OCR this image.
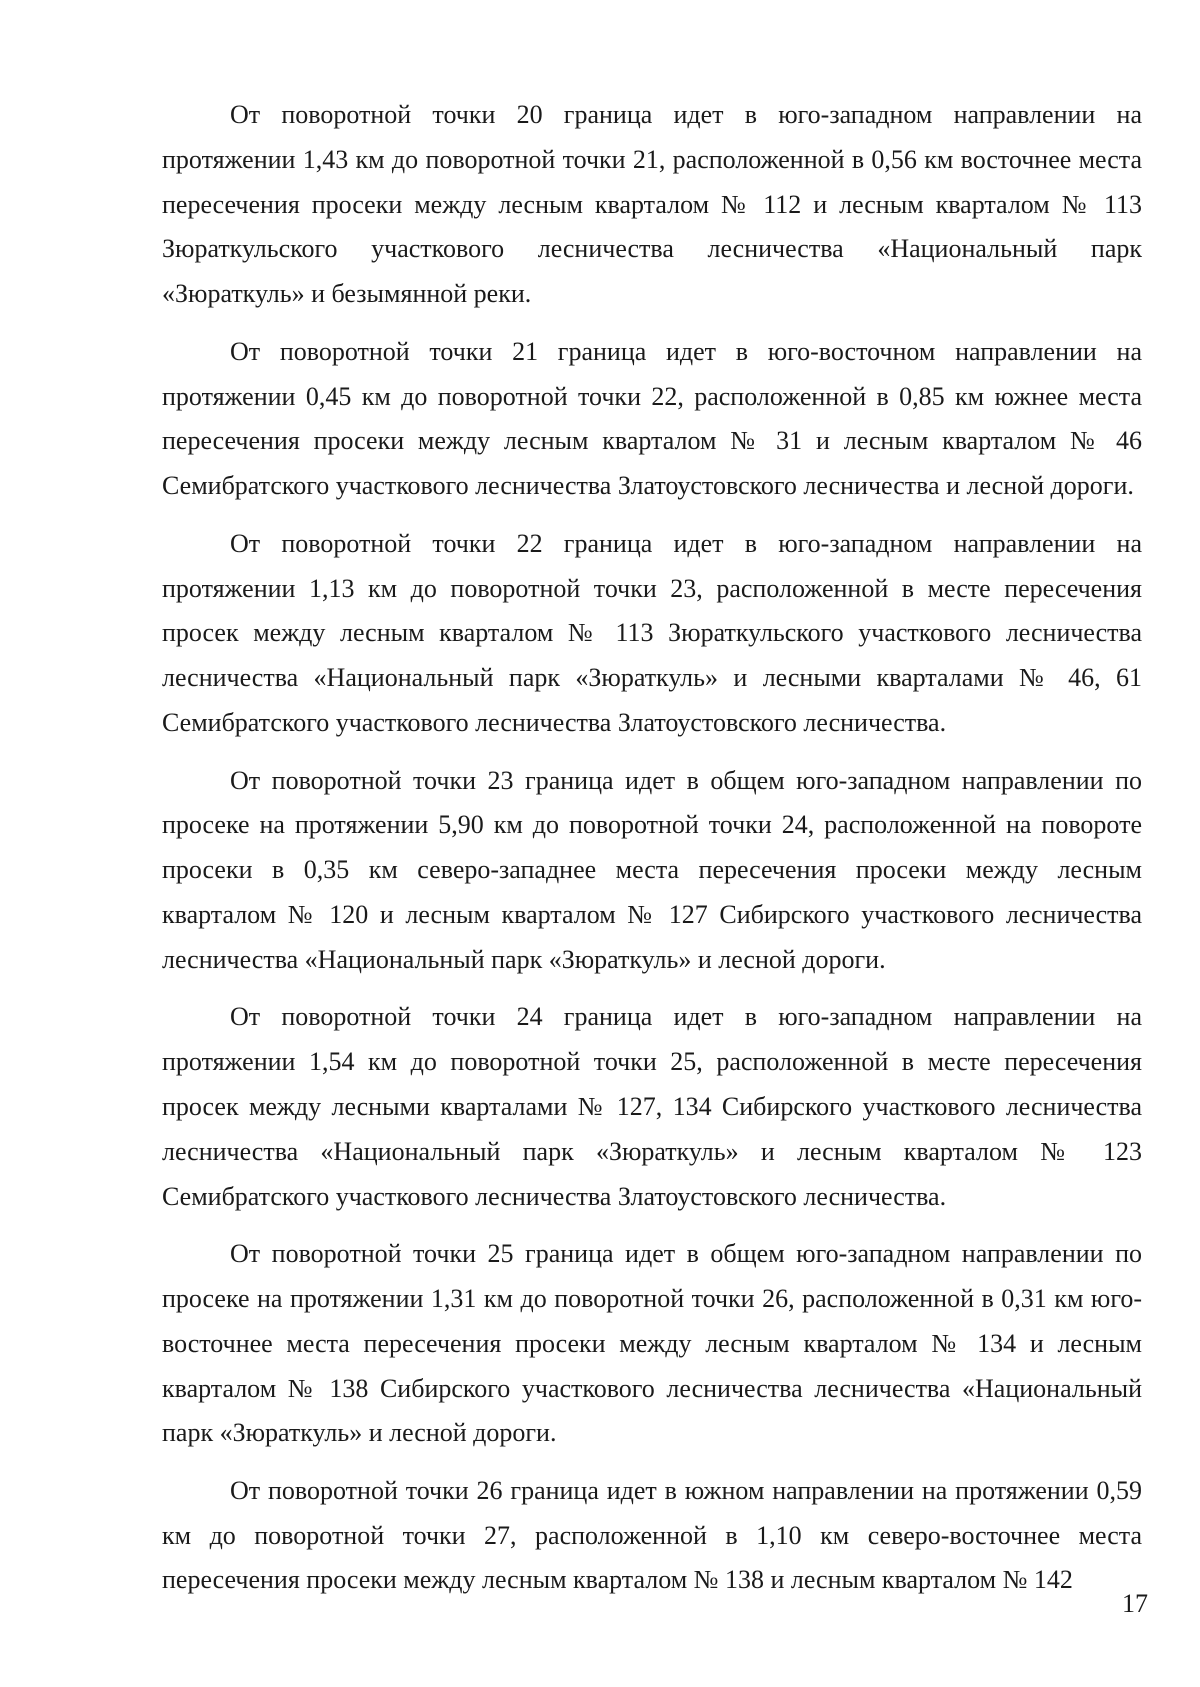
От поворотной точки 20 граница идет в юго-западном направлении на протяжении 1,43 км до поворотной точки 21, расположенной в 0,56 км восточнее места пересечения просеки между лесным кварталом № 112 и лесным кварталом № 113 Зюраткульского участкового лесничества лесничества «Национальный парк «Зюраткуль» и безымянной реки.

От поворотной точки 21 граница идет в юго-восточном направлении на протяжении 0,45 км до поворотной точки 22, расположенной в 0,85 км южнее места пересечения просеки между лесным кварталом № 31 и лесным кварталом № 46 Семибратского участкового лесничества Златоустовского лесничества и лесной дороги.

От поворотной точки 22 граница идет в юго-западном направлении на протяжении 1,13 км до поворотной точки 23, расположенной в месте пересечения просек между лесным кварталом № 113 Зюраткульского участкового лесничества лесничества «Национальный парк «Зюраткуль» и лесными кварталами № 46, 61 Семибратского участкового лесничества Златоустовского лесничества.

От поворотной точки 23 граница идет в общем юго-западном направлении по просеке на протяжении 5,90 км до поворотной точки 24, расположенной на повороте просеки в 0,35 км северо-западнее места пересечения просеки между лесным кварталом № 120 и лесным кварталом № 127 Сибирского участкового лесничества лесничества «Национальный парк «Зюраткуль» и лесной дороги.

От поворотной точки 24 граница идет в юго-западном направлении на протяжении 1,54 км до поворотной точки 25, расположенной в месте пересечения просек между лесными кварталами № 127, 134 Сибирского участкового лесничества лесничества «Национальный парк «Зюраткуль» и лесным кварталом № 123 Семибратского участкового лесничества Златоустовского лесничества.

От поворотной точки 25 граница идет в общем юго-западном направлении по просеке на протяжении 1,31 км до поворотной точки 26, расположенной в 0,31 км юго-восточнее места пересечения просеки между лесным кварталом № 134 и лесным кварталом № 138 Сибирского участкового лесничества лесничества «Национальный парк «Зюраткуль» и лесной дороги.

От поворотной точки 26 граница идет в южном направлении на протяжении 0,59 км до поворотной точки 27, расположенной в 1,10 км северо-восточнее места пересечения просеки между лесным кварталом № 138 и лесным кварталом № 142

17
